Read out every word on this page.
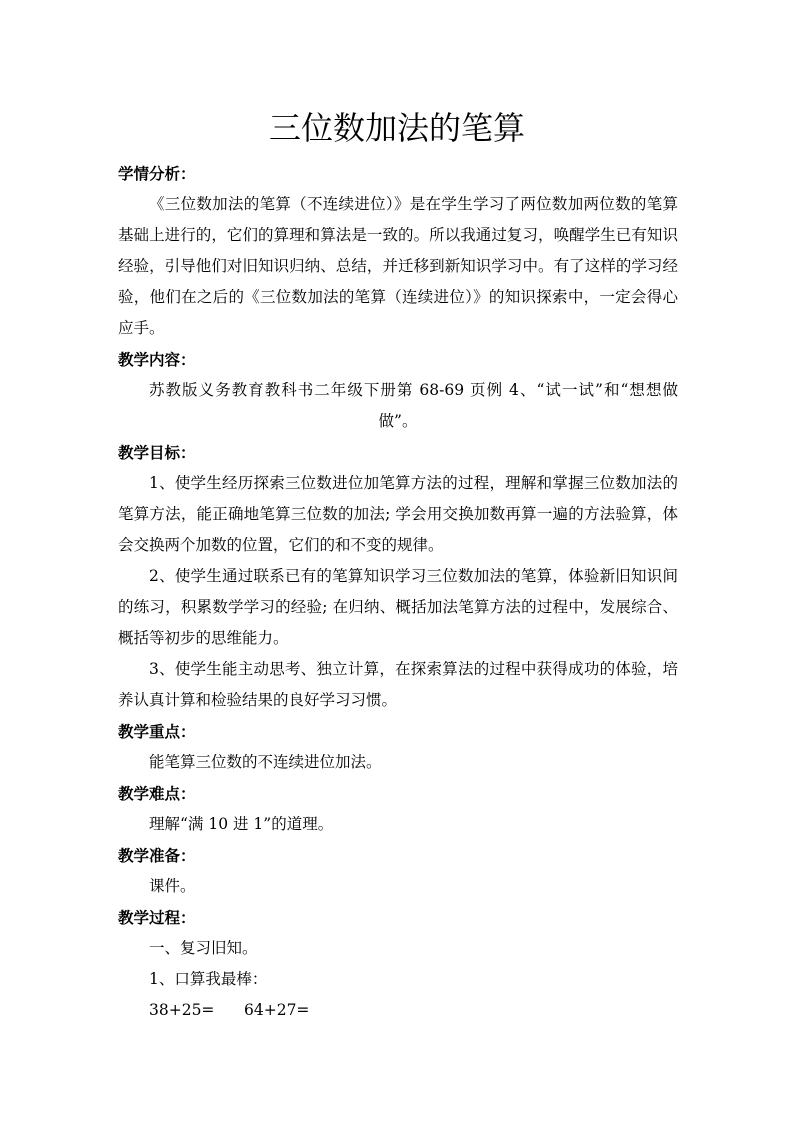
三位数加法的笔算

学情分析：

《三位数加法的笔算（不连续进位）》是在学生学习了两位数加两位数的笔算基础上进行的，它们的算理和算法是一致的。所以我通过复习，唤醒学生已有知识经验，引导他们对旧知识归纳、总结，并迁移到新知识学习中。有了这样的学习经验，他们在之后的《三位数加法的笔算（连续进位）》的知识探索中，一定会得心应手。

教学内容：

苏教版义务教育教科书二年级下册第 68-69 页例 4、“试一试”和“想想做做”。

教学目标：

1、使学生经历探索三位数进位加笔算方法的过程，理解和掌握三位数加法的笔算方法，能正确地笔算三位数的加法; 学会用交换加数再算一遍的方法验算，体会交换两个加数的位置，它们的和不变的规律。

2、使学生通过联系已有的笔算知识学习三位数加法的笔算，体验新旧知识间的练习，积累数学学习的经验; 在归纳、概括加法笔算方法的过程中，发展综合、概括等初步的思维能力。

3、使学生能主动思考、独立计算，在探索算法的过程中获得成功的体验，培养认真计算和检验结果的良好学习习惯。

教学重点：

能笔算三位数的不连续进位加法。

教学难点：

理解“满 10 进 1”的道理。

教学准备：

课件。

教学过程：

一、复习旧知。

1、口算我最棒：

38+25= 64+27=
